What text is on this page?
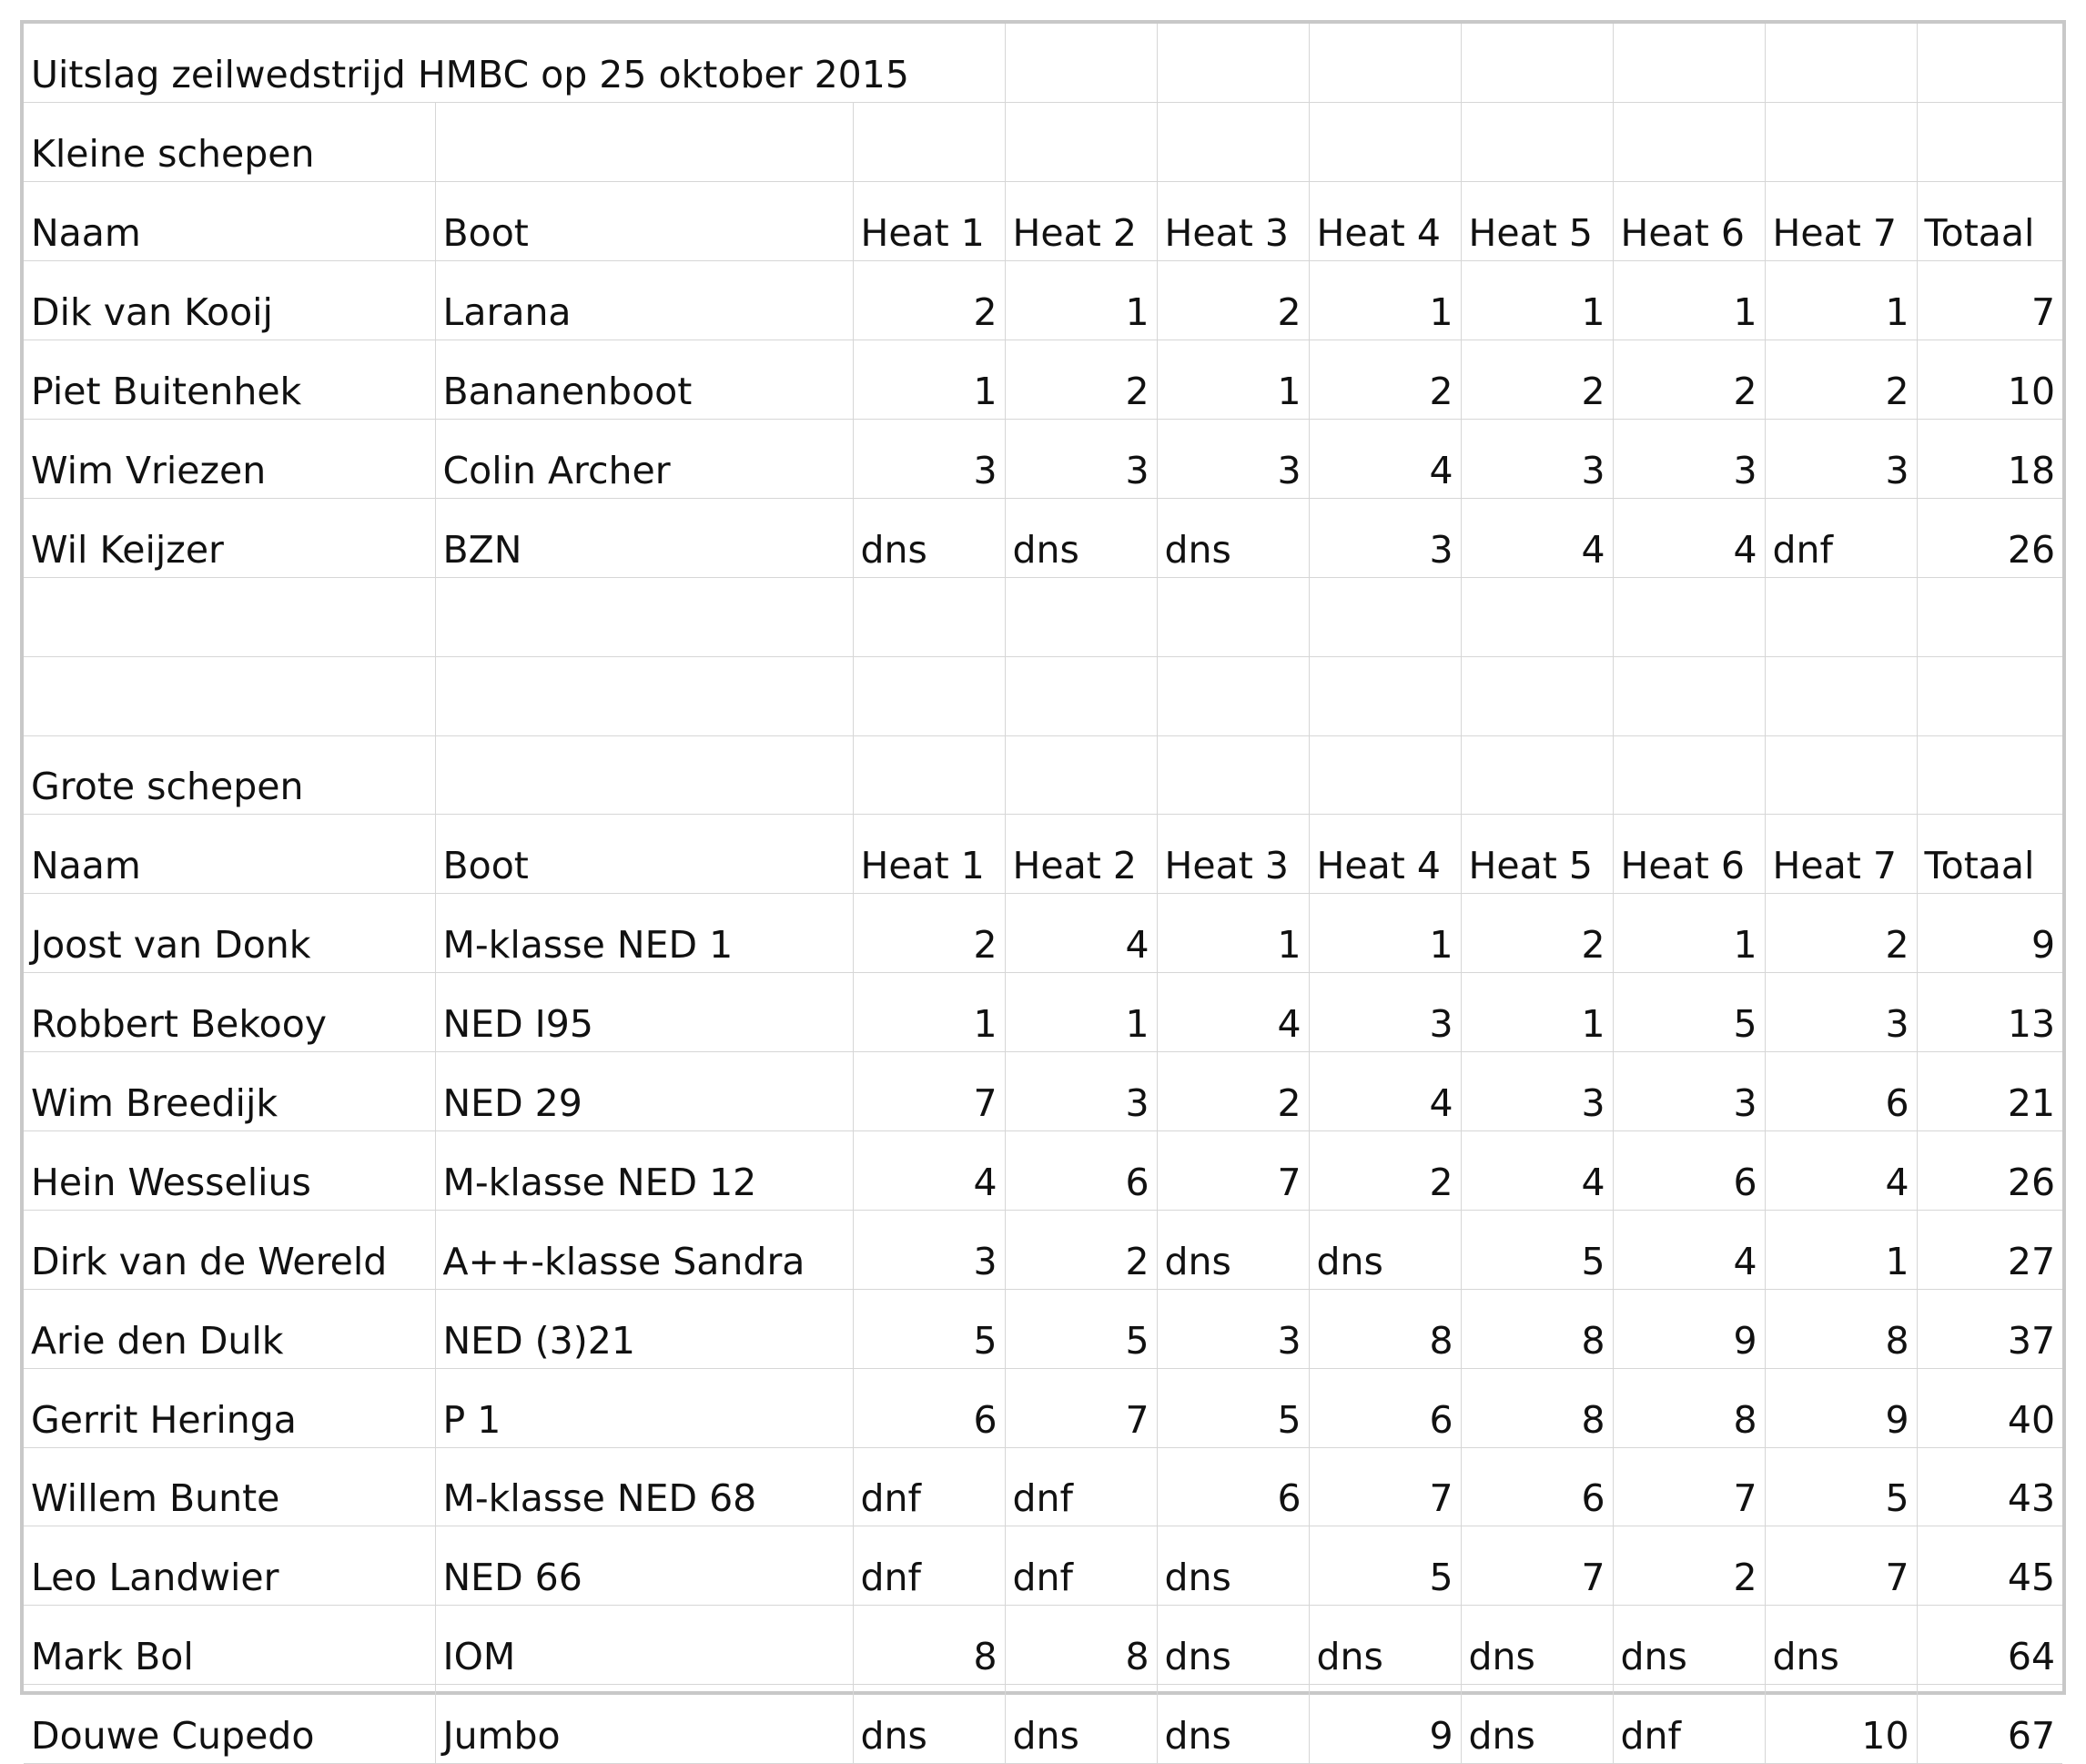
Uitslag zeilwedstrijd HMBC op 25 oktober 2015									
Kleine schepen									
Naam	Boot	Heat 1	Heat 2	Heat 3	Heat 4	Heat 5	Heat 6	Heat 7	Totaal
Dik van Kooij	Larana	2	1	2	1	1	1	1	7
Piet Buitenhek	Bananenboot	1	2	1	2	2	2	2	10
Wim Vriezen	Colin Archer	3	3	3	4	3	3	3	18
Wil Keijzer	BZN	dns	dns	dns	3	4	4	dnf	26

Grote schepen									
Naam	Boot	Heat 1	Heat 2	Heat 3	Heat 4	Heat 5	Heat 6	Heat 7	Totaal
Joost van Donk	M-klasse NED 1	2	4	1	1	2	1	2	9
Robbert Bekooy	NED I95	1	1	4	3	1	5	3	13
Wim Breedijk	NED 29	7	3	2	4	3	3	6	21
Hein Wesselius	M-klasse NED 12	4	6	7	2	4	6	4	26
Dirk van de Wereld	A++-klasse Sandra	3	2	dns	dns	5	4	1	27
Arie den Dulk	NED (3)21	5	5	3	8	8	9	8	37
Gerrit Heringa	P 1	6	7	5	6	8	8	9	40
Willem Bunte	M-klasse NED 68	dnf	dnf	6	7	6	7	5	43
Leo Landwier	NED 66	dnf	dnf	dns	5	7	2	7	45
Mark Bol	IOM	8	8	dns	dns	dns	dns	dns	64
Douwe Cupedo	Jumbo	dns	dns	dns	9	dns	dnf	10	67
